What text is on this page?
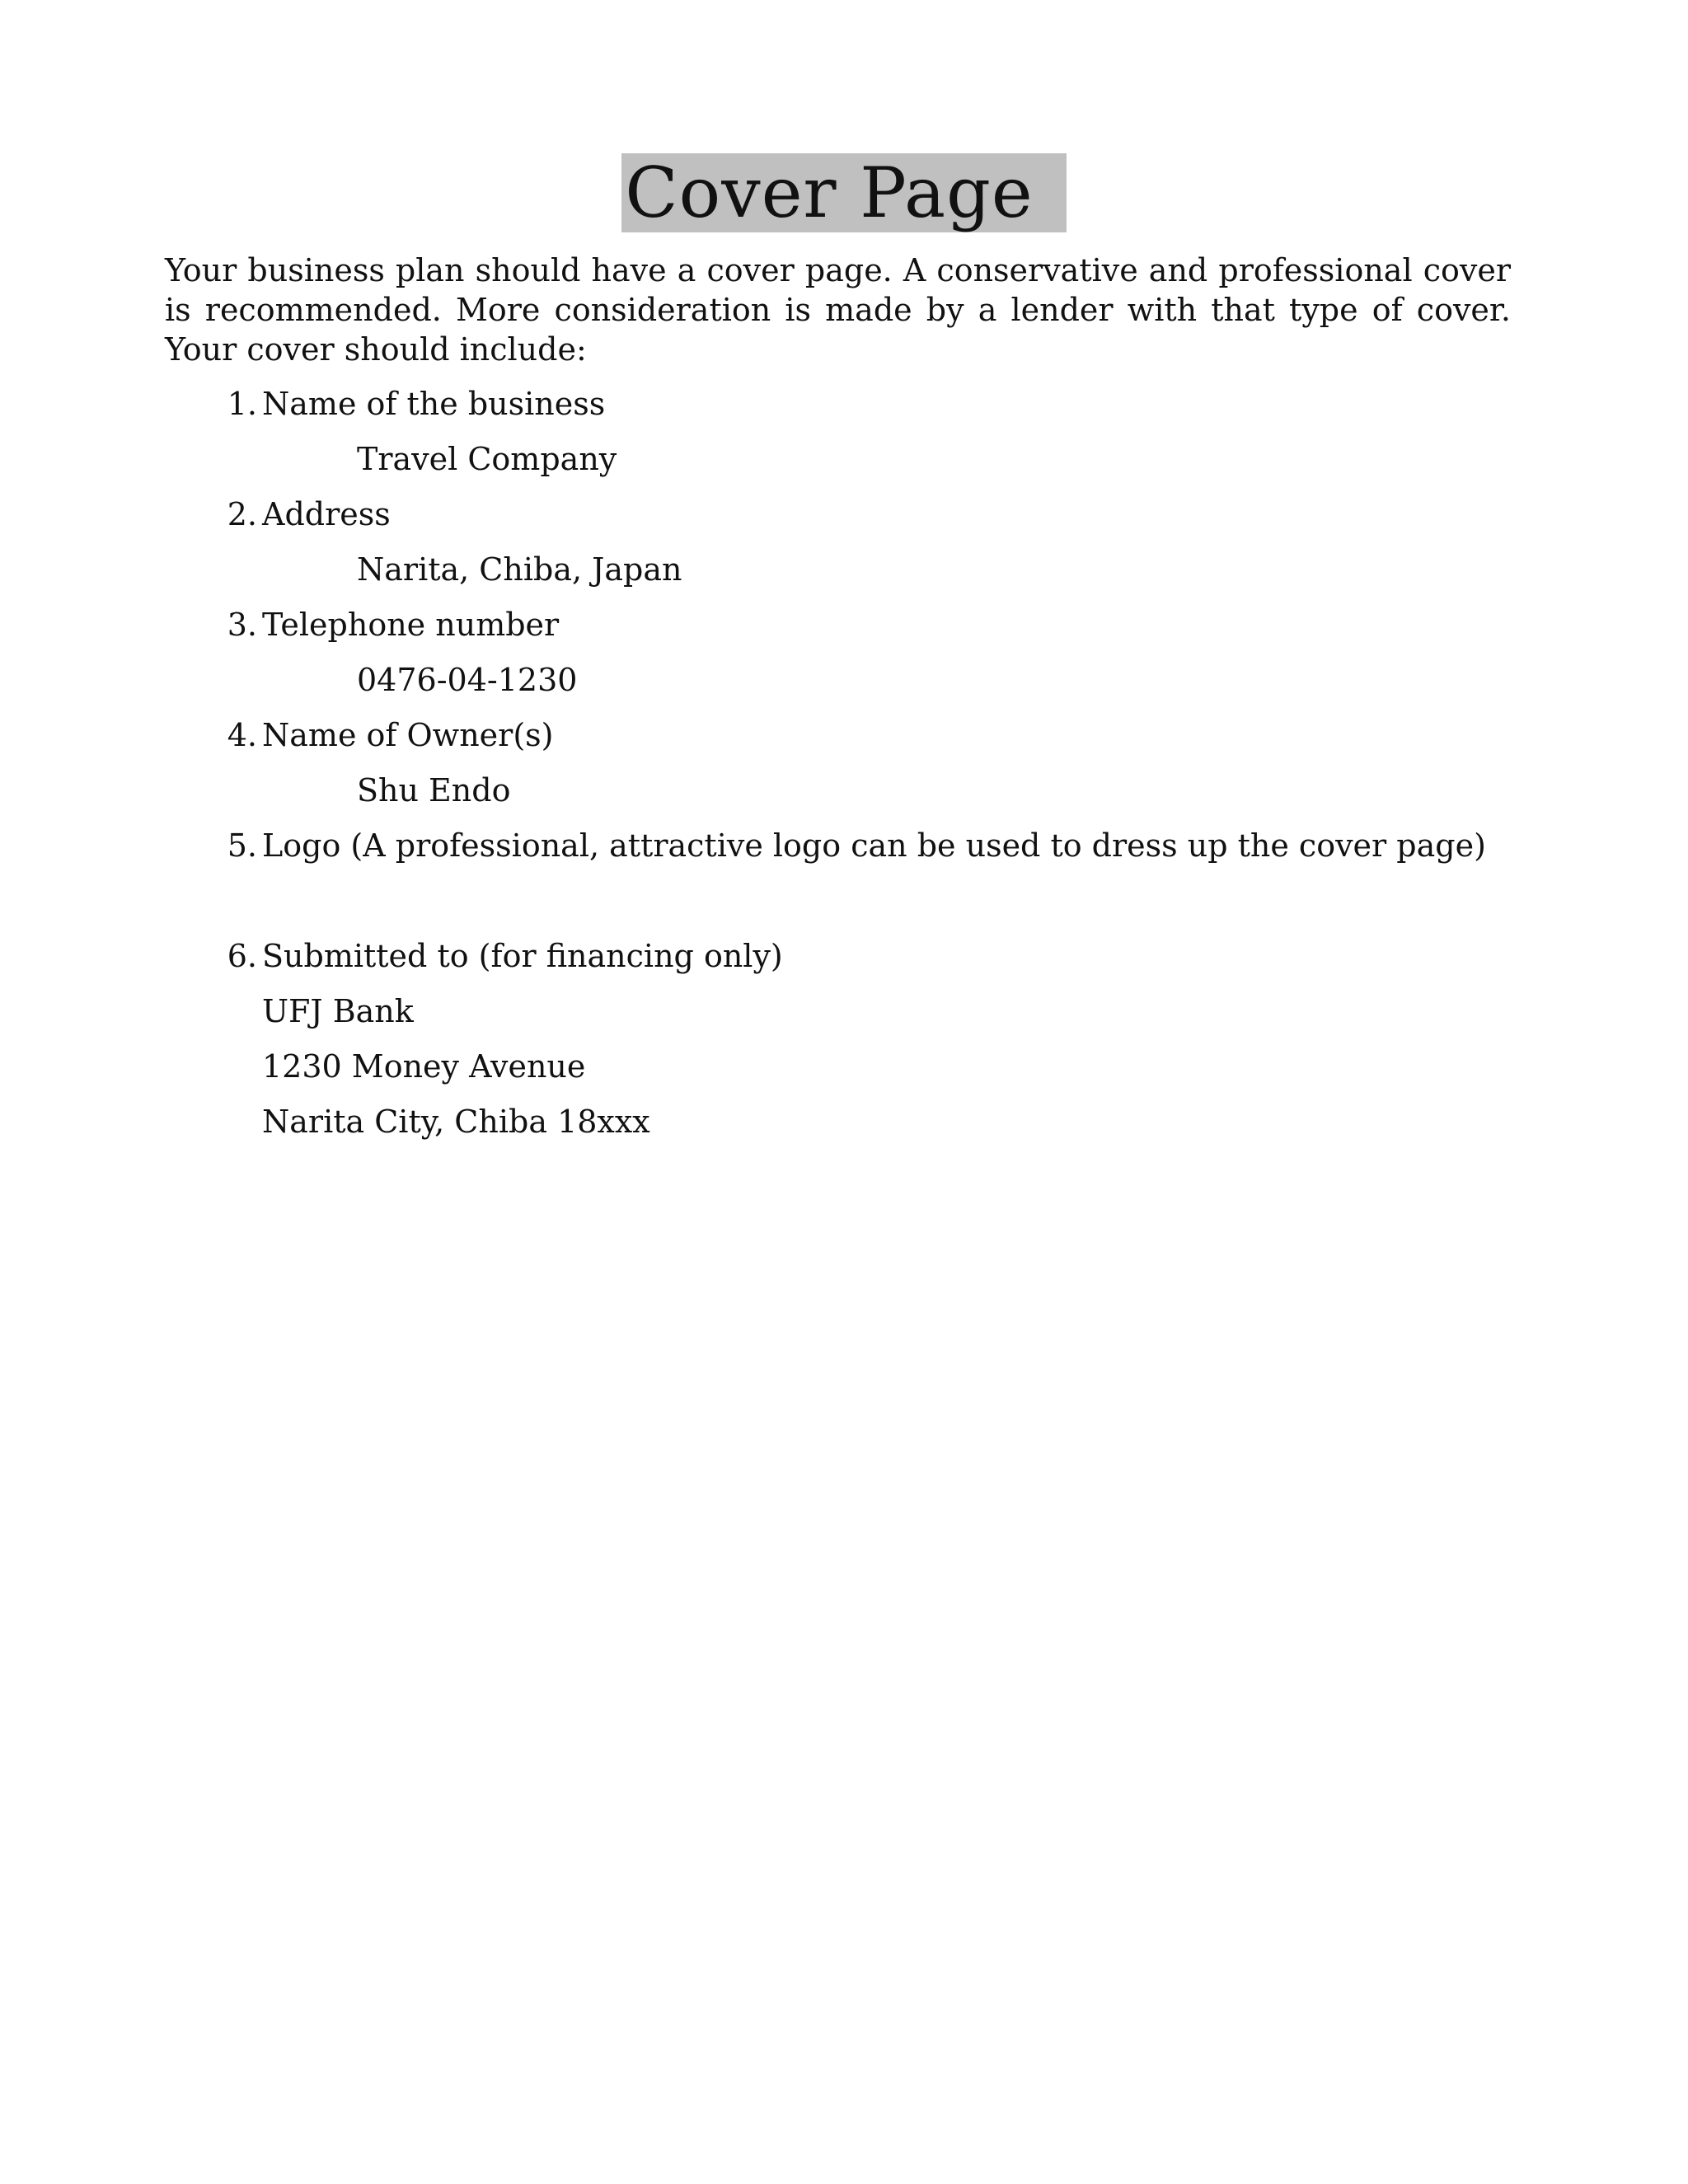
Cover Page

Your business plan should have a cover page. A conservative and professional cover is recommended. More consideration is made by a lender with that type of cover. Your cover should include:

1. Name of the business
Travel Company
2. Address
Narita, Chiba, Japan
3. Telephone number
0476-04-1230
4. Name of Owner(s)
Shu Endo
5. Logo (A professional, attractive logo can be used to dress up the cover page)
6. Submitted to (for financing only)
UFJ Bank
1230 Money Avenue
Narita City, Chiba 18xxx
